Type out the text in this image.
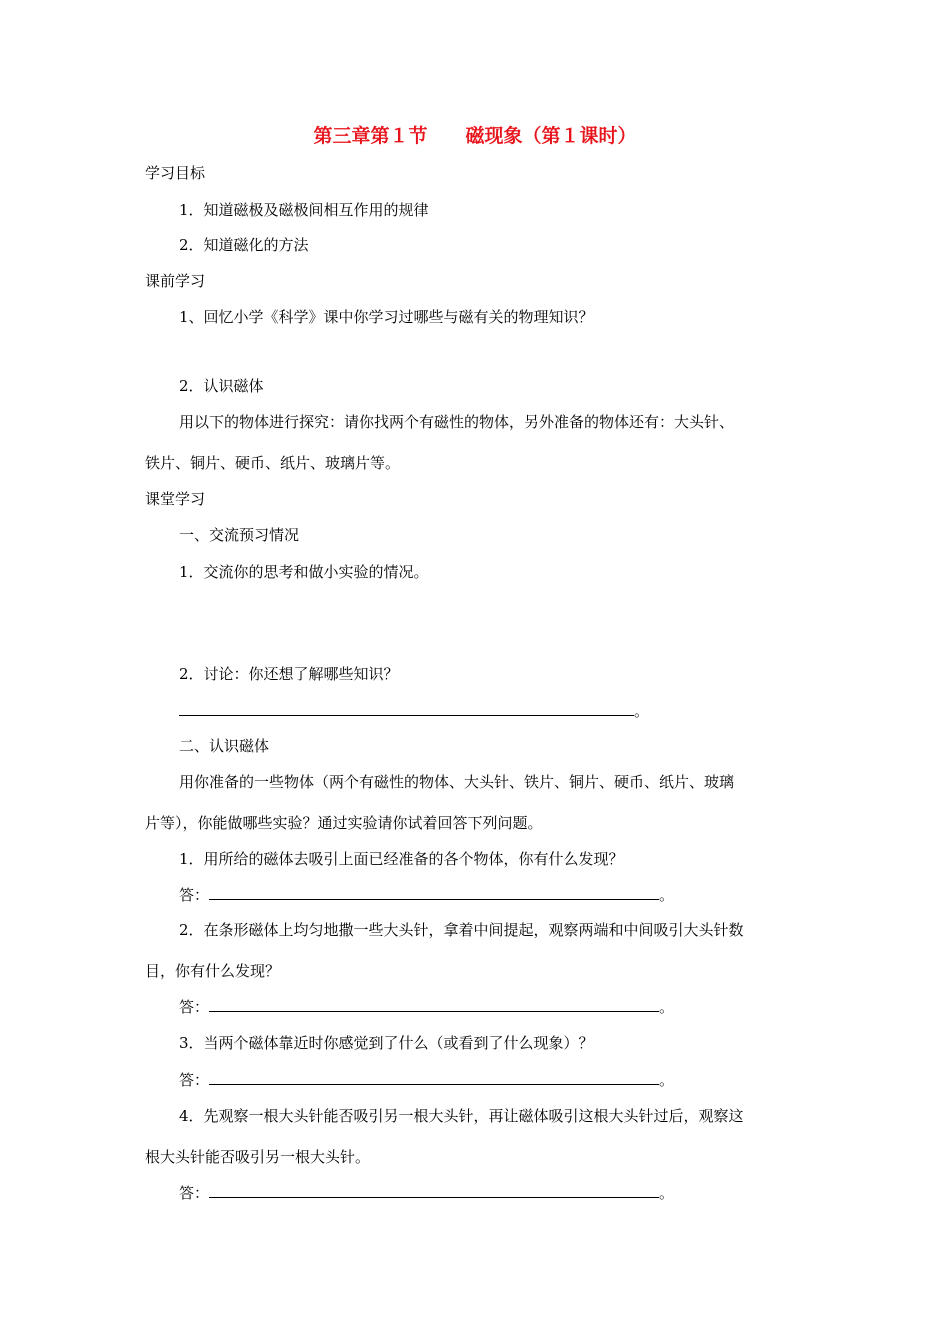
第三章第１节　　磁现象（第１课时）
学习目标
1．知道磁极及磁极间相互作用的规律
2．知道磁化的方法
课前学习
1、回忆小学《科学》课中你学习过哪些与磁有关的物理知识？
2．认识磁体
用以下的物体进行探究：请你找两个有磁性的物体，另外准备的物体还有：大头针、
铁片、铜片、硬币、纸片、玻璃片等。
课堂学习
一、交流预习情况
1．交流你的思考和做小实验的情况。
2．讨论：你还想了解哪些知识？
。
二、认识磁体
用你准备的一些物体（两个有磁性的物体、大头针、铁片、铜片、硬币、纸片、玻璃
片等），你能做哪些实验？通过实验请你试着回答下列问题。
1．用所给的磁体去吸引上面已经准备的各个物体，你有什么发现？
答：	。
2．在条形磁体上均匀地撒一些大头针，拿着中间提起，观察两端和中间吸引大头针数
目，你有什么发现？
答：	。
3．当两个磁体靠近时你感觉到了什么（或看到了什么现象）？
答：	。
4．先观察一根大头针能否吸引另一根大头针，再让磁体吸引这根大头针过后，观察这
根大头针能否吸引另一根大头针。
答：	。
